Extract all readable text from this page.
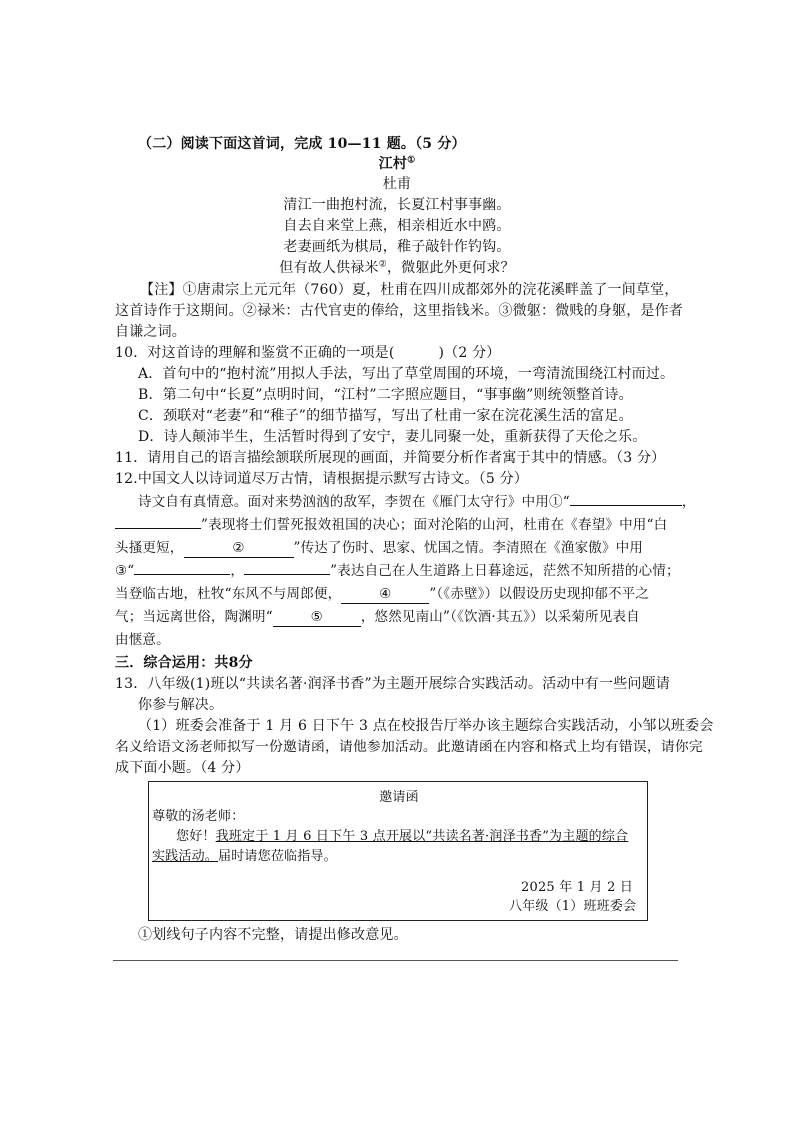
（二）阅读下面这首词，完成 10—11 题。（5 分）
江村①
杜甫
清江一曲抱村流，长夏江村事事幽。
自去自来堂上燕，相亲相近水中鸥。
老妻画纸为棋局，稚子敲针作钓钩。
但有故人供禄米②，微躯此外更何求？
【注】①唐肃宗上元元年（760）夏，杜甫在四川成都郊外的浣花溪畔盖了一间草堂，
这首诗作于这期间。②禄米：古代官吏的俸给，这里指钱米。③微躯：微贱的身躯，是作者
自谦之词。
10．对这首诗的理解和鉴赏不正确的一项是(	)（2 分）
A．首句中的“抱村流”用拟人手法，写出了草堂周围的环境，一弯清流围绕江村而过。
B．第二句中“长夏”点明时间，“江村”二字照应题目，“事事幽”则统领整首诗。
C．颈联对“老妻”和“稚子”的细节描写，写出了杜甫一家在浣花溪生活的富足。
D．诗人颠沛半生，生活暂时得到了安宁，妻儿同聚一处，重新获得了天伦之乐。
11．请用自己的语言描绘颔联所展现的画面，并简要分析作者寓于其中的情感。（3 分）
12.中国文人以诗词道尽万古情，请根据提示默写古诗文。（5 分）
诗文自有真情意。面对来势汹汹的敌军，李贺在《雁门太守行》中用①“	，
”表现将士们誓死报效祖国的决心；面对沦陷的山河，杜甫在《春望》中用“白
头搔更短，	②	”传达了伤时、思家、忧国之情。李清照在《渔家傲》中用
③“	，	”表达自己在人生道路上日暮途远，茫然不知所措的心情；
当登临古地，杜牧“东风不与周郎便，	④	”（《赤壁》）以假设历史现抑郁不平之
气；当远离世俗，陶渊明“	⑤	，悠然见南山”（《饮酒·其五》）以采菊所见表自
由惬意。
三．综合运用：共8分
13．八年级(1)班以“共读名著·润泽书香”为主题开展综合实践活动。活动中有一些问题请
你参与解决。
（1）班委会准备于 1 月 6 日下午 3 点在校报告厅举办该主题综合实践活动，小邹以班委会
名义给语文汤老师拟写一份邀请函，请他参加活动。此邀请函在内容和格式上均有错误，请你完
邀请函
尊敬的汤老师：
您好！我班定于 1 月 6 日下午 3 点开展以“共读名著·润泽书香”为主题的综合
实践活动。届时请您莅临指导。
2025 年 1 月 2 日
八年级（1）班班委会
①划线句子内容不完整，请提出修改意见。
成下面小题。（4 分）
